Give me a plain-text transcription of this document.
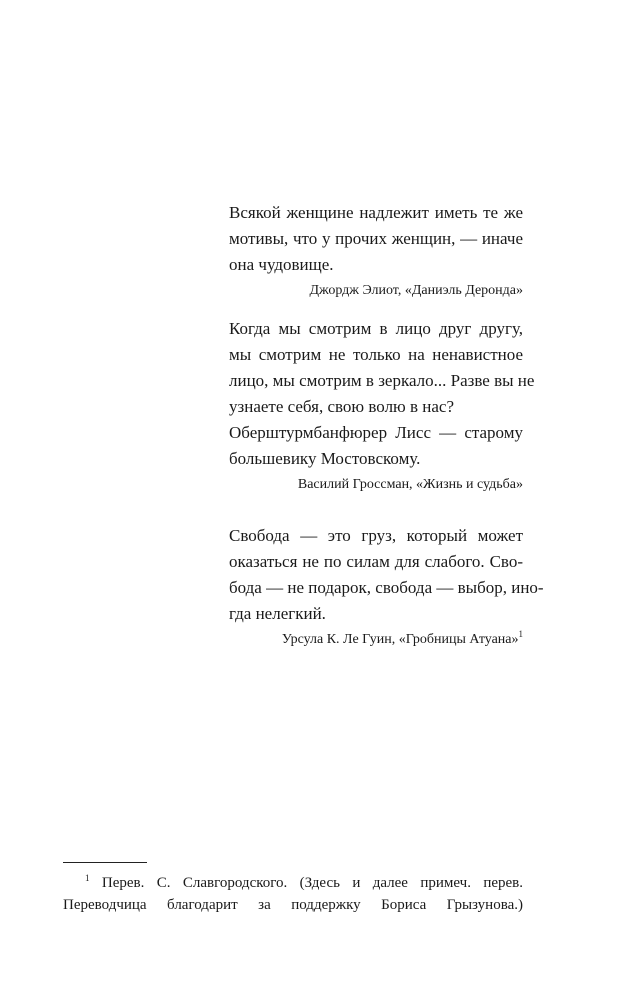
Всякой женщине надлежит иметь те же
мотивы, что у прочих женщин, — иначе
она чудовище.
Джордж Элиот, «Даниэль Деронда»
Когда мы смотрим в лицо друг другу,
мы смотрим не только на ненавистное
лицо, мы смотрим в зеркало... Разве вы не
узнаете себя, свою волю в нас?
Оберштурмбанфюрер Лисс — старому
большевику Мостовскому.
Василий Гроссман, «Жизнь и судьба»
Свобода — это груз, который может
оказаться не по силам для слабого. Сво-
бода — не подарок, свобода — выбор, ино-
гда нелегкий.
Урсула К. Ле Гуин, «Гробницы Атуана»$^1$
$^1$ Перев. С. Славгородского. (Здесь и далее примеч. перев.
Переводчица благодарит за поддержку Бориса Грызунова.)
